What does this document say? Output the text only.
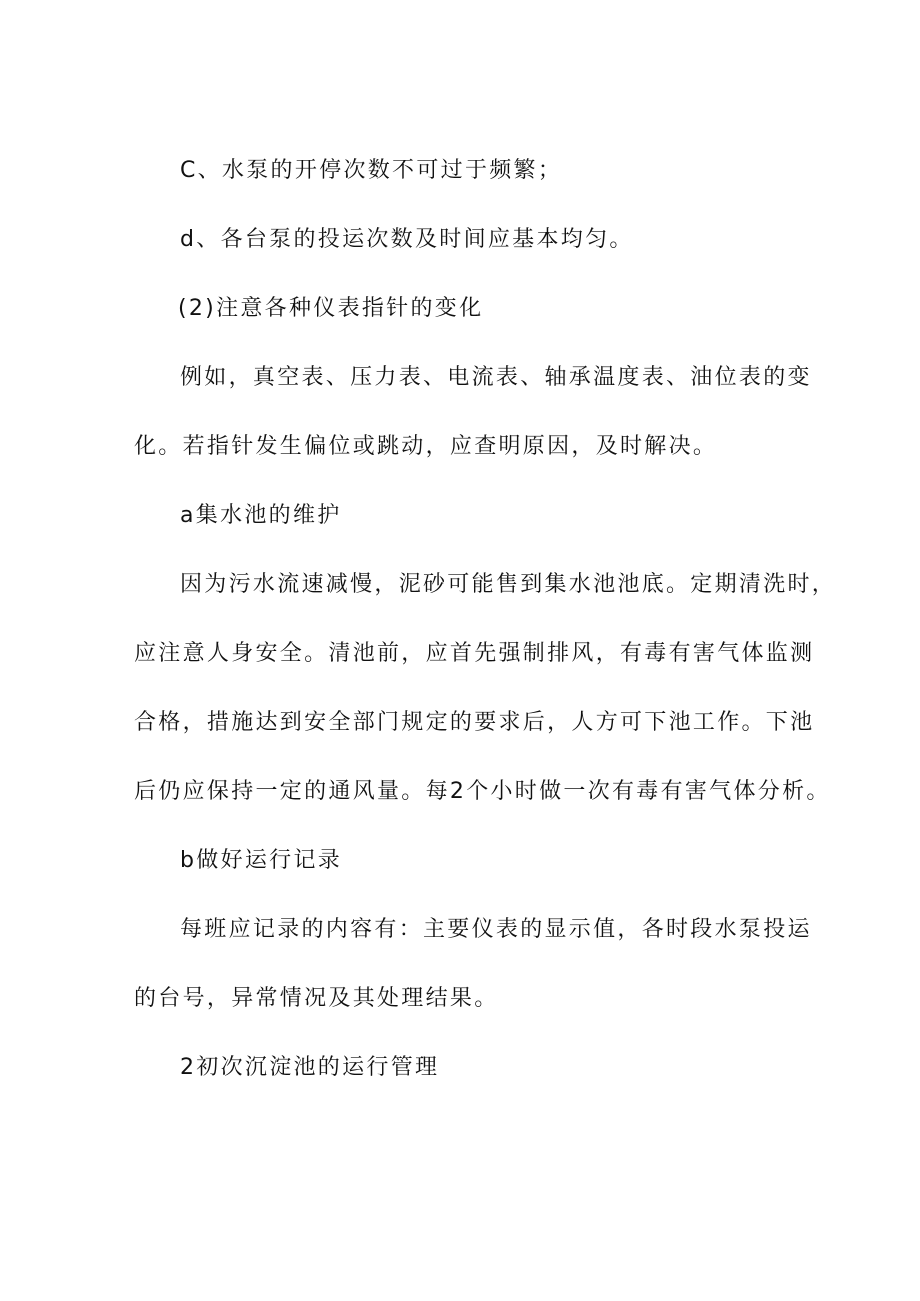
C、水泵的开停次数不可过于频繁；
d、各台泵的投运次数及时间应基本均匀。
(2)注意各种仪表指针的变化
例如，真空表、压力表、电流表、轴承温度表、油位表的变
化。若指针发生偏位或跳动，应查明原因，及时解决。
a集水池的维护
因为污水流速减慢，泥砂可能售到集水池池底。定期清洗时，
应注意人身安全。清池前，应首先强制排风，有毒有害气体监测
合格，措施达到安全部门规定的要求后，人方可下池工作。下池
后仍应保持一定的通风量。每2个小时做一次有毒有害气体分析。
b做好运行记录
每班应记录的内容有：主要仪表的显示值，各时段水泵投运
的台号，异常情况及其处理结果。
2初次沉淀池的运行管理
